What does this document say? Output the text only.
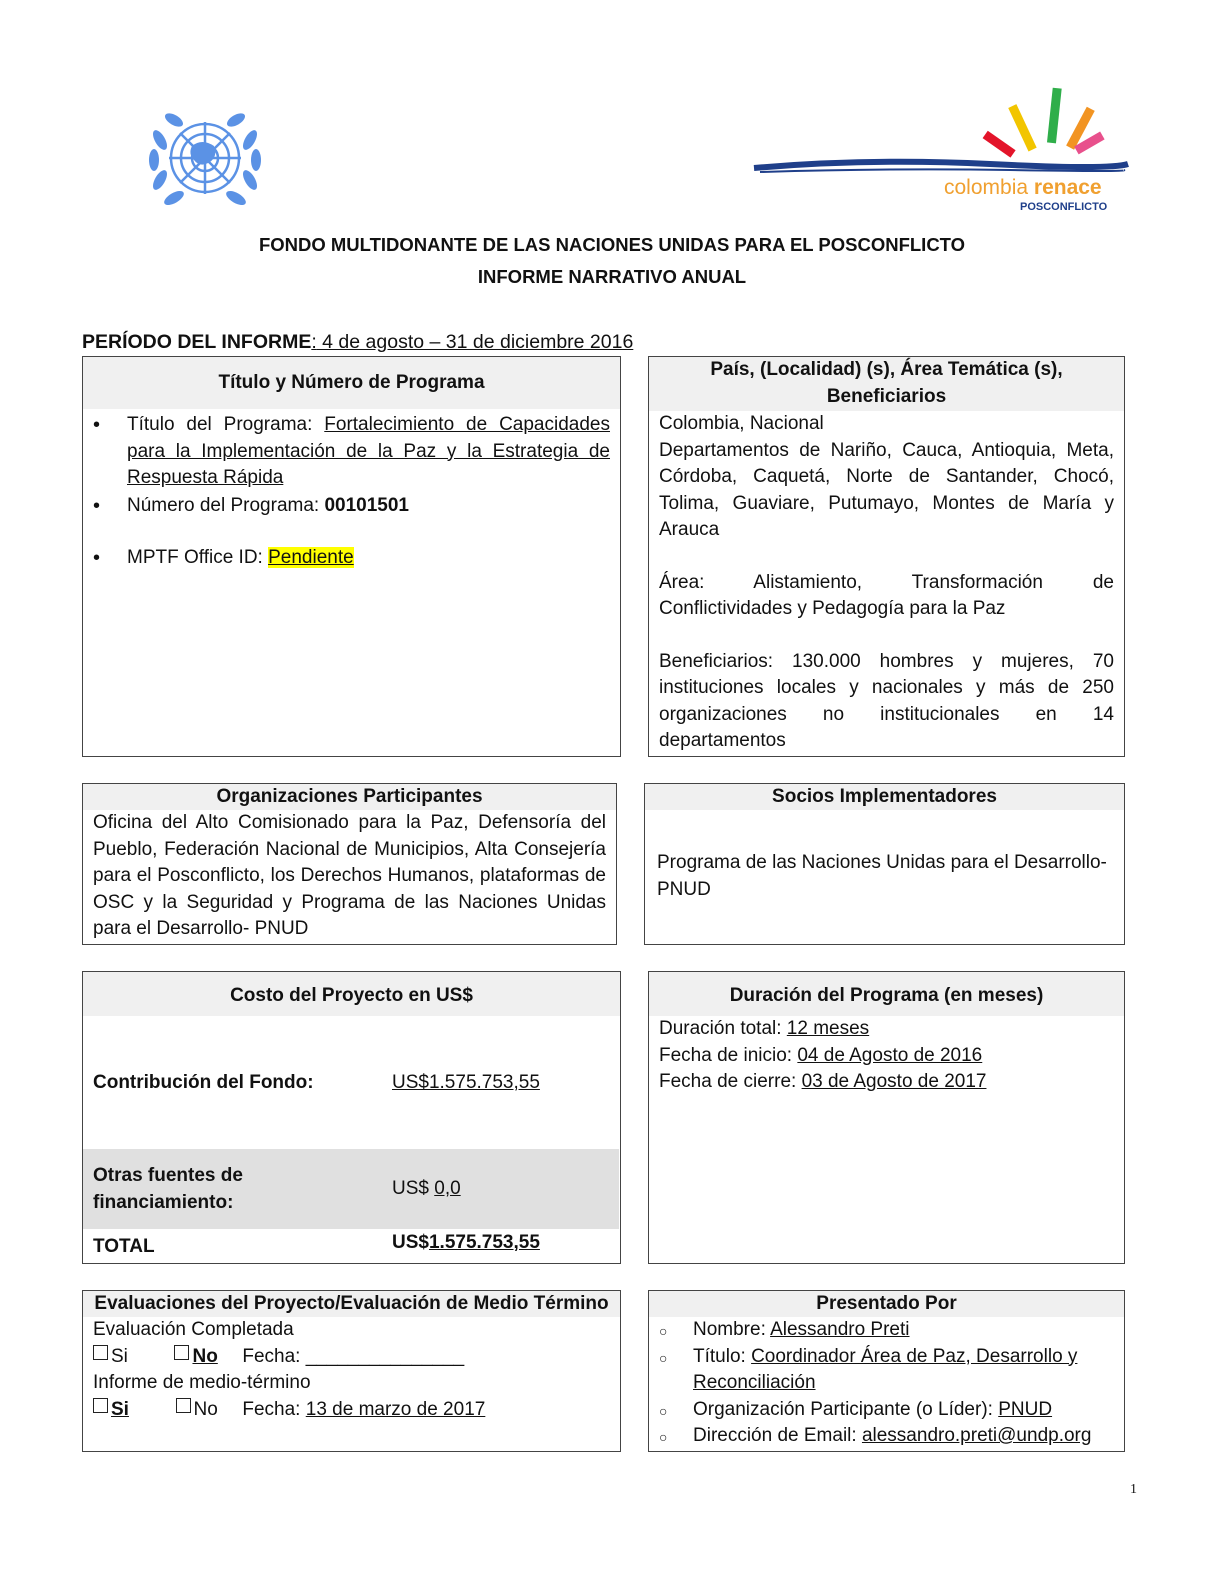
colombia renace
POSCONFLICTO
FONDO MULTIDONANTE DE LAS NACIONES UNIDAS PARA EL POSCONFLICTO
INFORME NARRATIVO ANUAL
PERÍODO DEL INFORME: 4 de agosto – 31 de diciembre 2016
Título y Número de Programa
• Título del Programa: Fortalecimiento de Capacidades para la Implementación de la Paz y la Estrategia de Respuesta Rápida
• Número del Programa: 00101501
• MPTF Office ID: Pendiente
País, (Localidad) (s), Área Temática (s), Beneficiarios
Colombia, Nacional
Departamentos de Nariño, Cauca, Antioquia, Meta, Córdoba, Caquetá, Norte de Santander, Chocó, Tolima, Guaviare, Putumayo, Montes de María y Arauca
Área: Alistamiento, Transformación de Conflictividades y Pedagogía para la Paz
Beneficiarios: 130.000 hombres y mujeres, 70 instituciones locales y nacionales y más de 250 organizaciones no institucionales en 14 departamentos
Organizaciones Participantes
Oficina del Alto Comisionado para la Paz, Defensoría del Pueblo, Federación Nacional de Municipios, Alta Consejería para el Posconflicto, los Derechos Humanos, plataformas de OSC y la Seguridad y Programa de las Naciones Unidas para el Desarrollo- PNUD
Socios Implementadores
Programa de las Naciones Unidas para el Desarrollo- PNUD
Costo del Proyecto en US$
Contribución del Fondo:	US$1.575.753,55
Otras fuentes de financiamiento:
US$ 0,0
TOTAL	US$1.575.753,55
Duración del Programa (en meses)
Duración total: 12 meses
Fecha de inicio: 04 de Agosto de 2016
Fecha de cierre: 03 de Agosto de 2017
Evaluaciones del Proyecto/Evaluación de Medio Término
Evaluación Completada
Si	No Fecha: _______________
Informe de medio-término
Si	No Fecha: 13 de marzo de 2017
Presentado Por
○ Nombre: Alessandro Preti
○ Título: Coordinador Área de Paz, Desarrollo y Reconciliación
○ Organización Participante (o Líder): PNUD
○ Dirección de Email: alessandro.preti@undp.org
1
